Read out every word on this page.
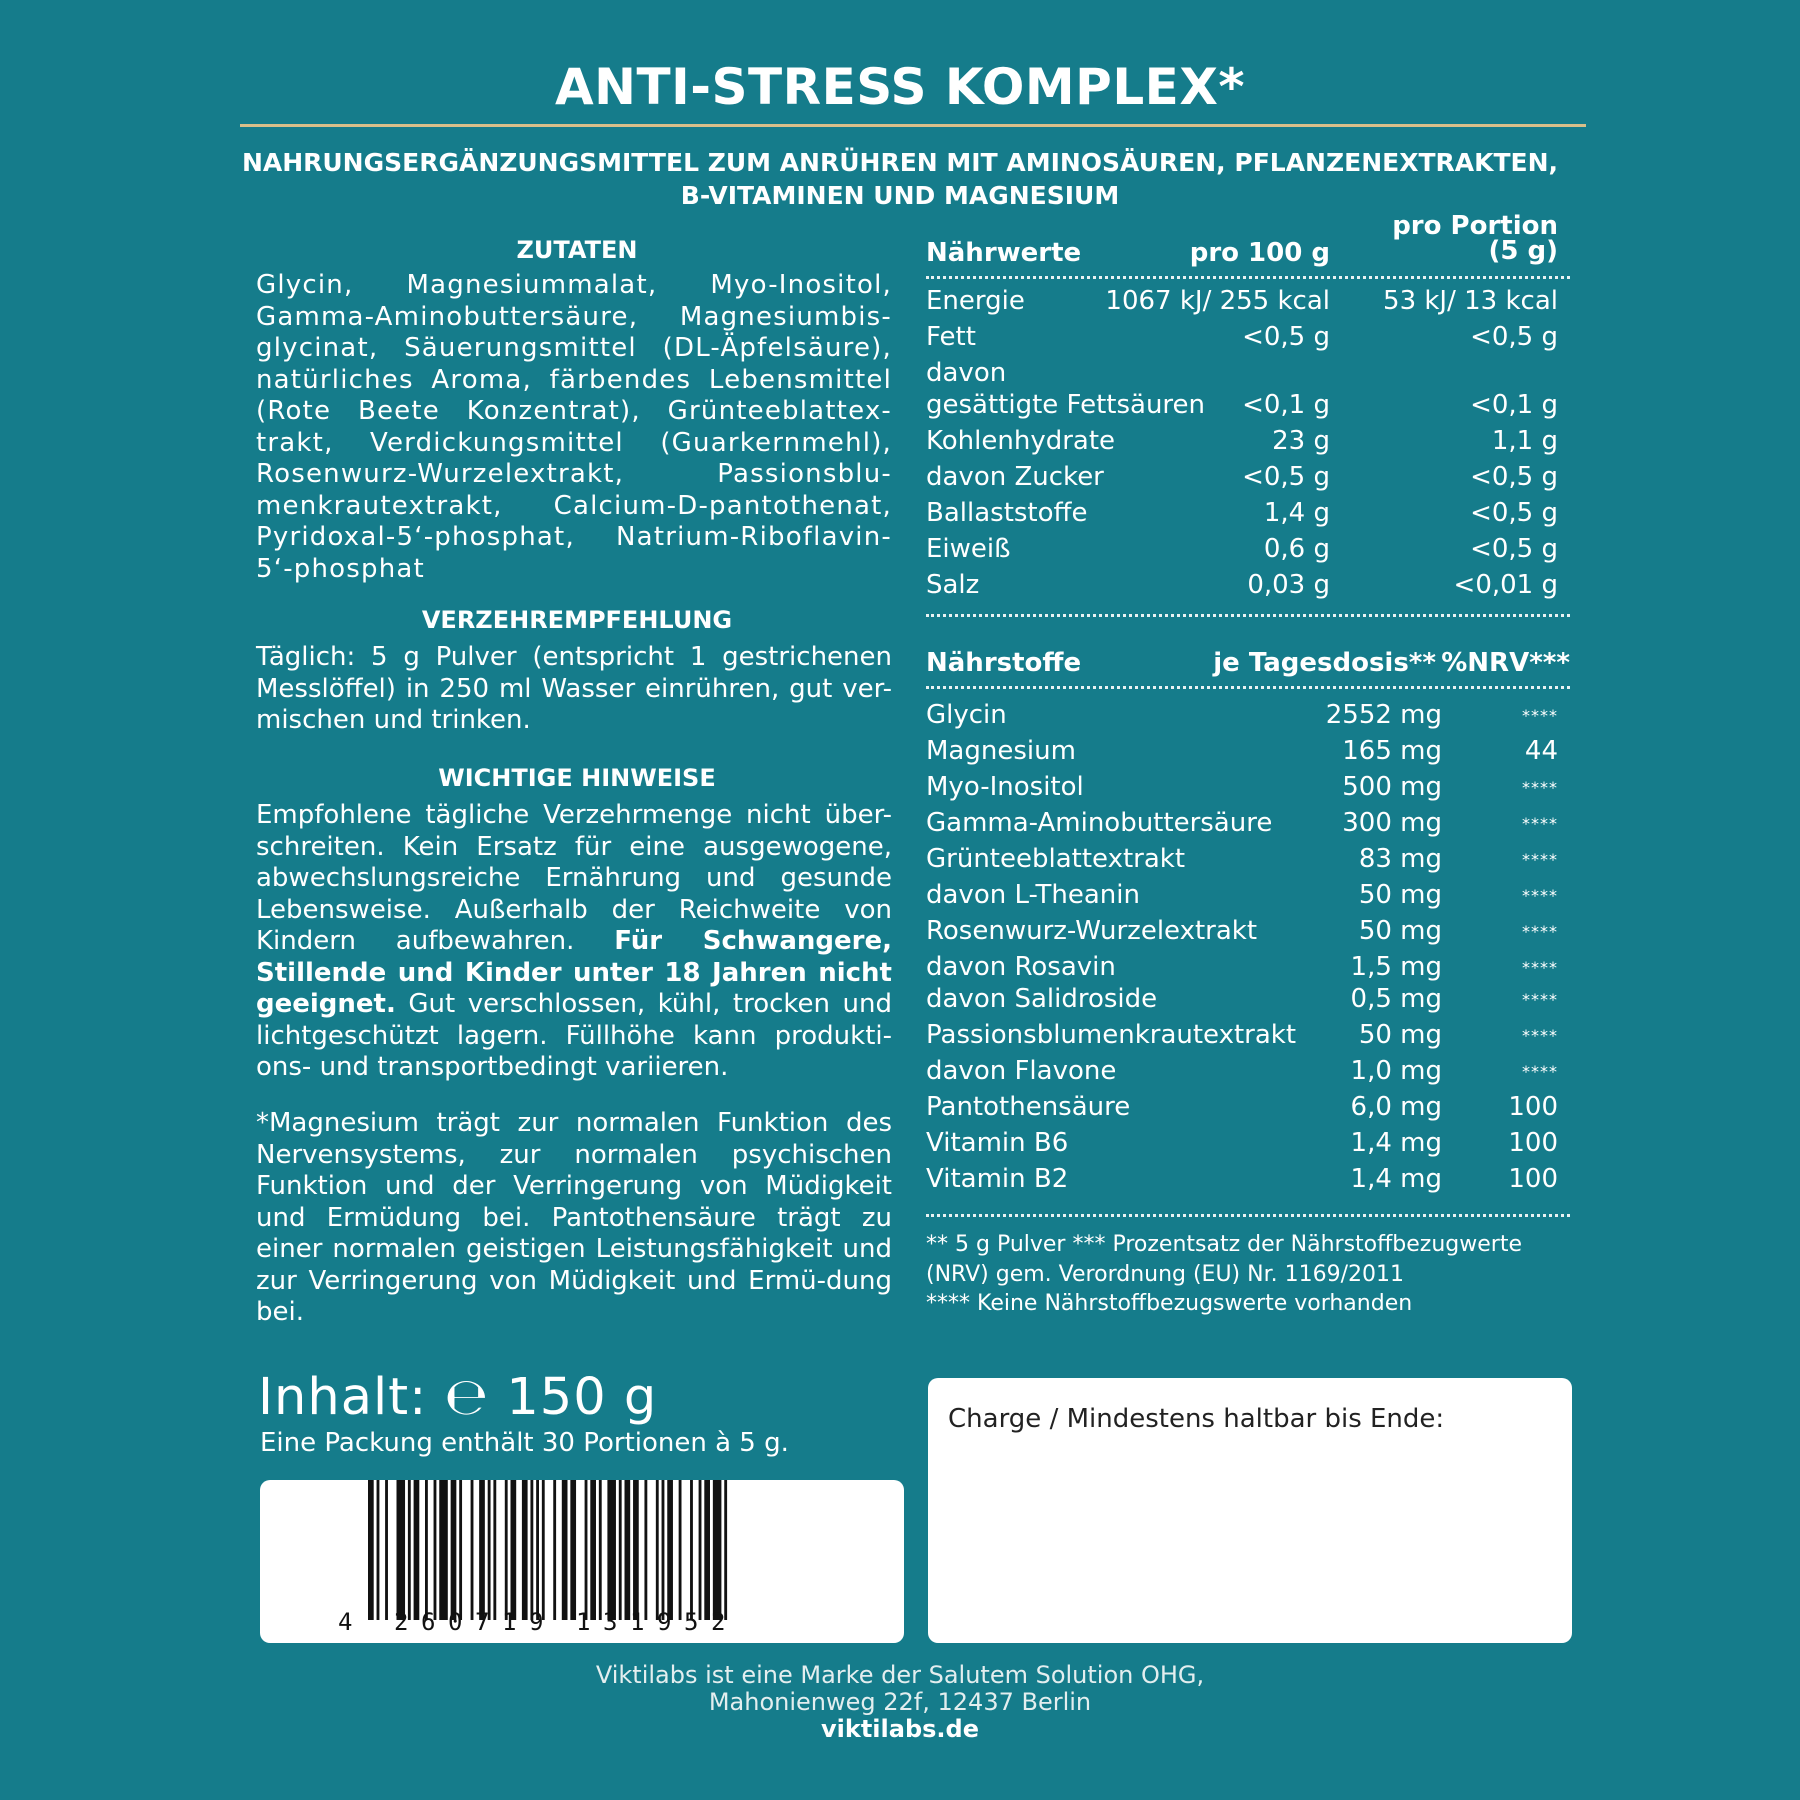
ANTI-STRESS KOMPLEX*
NAHRUNGSERGÄNZUNGSMITTEL ZUM ANRÜHREN MIT AMINOSÄUREN, PFLANZENEXTRAKTEN,
B-VITAMINEN UND MAGNESIUM
ZUTATEN
Glycin, Magnesiummalat, Myo-Inositol, Gamma-Aminobuttersäure, Magnesiumbis-glycinat, Säuerungsmittel (DL-Äpfelsäure), natürliches Aroma, färbendes Lebensmittel (Rote Beete Konzentrat), Grünteeblattex-trakt, Verdickungsmittel (Guarkernmehl), Rosenwurz-Wurzelextrakt, Passionsblu-menkrautextrakt, Calcium-D-pantothenat, Pyridoxal-5‘-phosphat, Natrium-Riboflavin-5‘-phosphat
VERZEHREMPFEHLUNG
Täglich: 5 g Pulver (entspricht 1 gestrichenen Messlöffel) in 250 ml Wasser einrühren, gut ver-mischen und trinken.
WICHTIGE HINWEISE
Empfohlene tägliche Verzehrmenge nicht über-schreiten. Kein Ersatz für eine ausgewogene, abwechslungsreiche Ernährung und gesunde Lebensweise. Außerhalb der Reichweite von Kindern aufbewahren. Für Schwangere, Stillende und Kinder unter 18 Jahren nicht geeignet. Gut verschlossen, kühl, trocken und lichtgeschützt lagern. Füllhöhe kann produkti-ons- und transportbedingt variieren.
*Magnesium trägt zur normalen Funktion des Nervensystems, zur normalen psychischen Funktion und der Verringerung von Müdigkeit und Ermüdung bei. Pantothensäure trägt zu einer normalen geistigen Leistungsfähigkeit und zur Verringerung von Müdigkeit und Ermü-dung bei.
Nährwerte	pro 100 g
pro Portion
(5 g)
Energie	1067 kJ/ 255 kcal 53 kJ/ 13 kcal
Fett	<0,5 g	<0,5 g
davon
gesättigte Fettsäuren <0,1 g	<0,1 g
Kohlenhydrate	23 g	1,1 g
davon Zucker	<0,5 g	<0,5 g
Ballaststoffe	1,4 g	<0,5 g
Eiweiß	0,6 g	<0,5 g
Salz	0,03 g	<0,01 g
Nährstoffe	je Tagesdosis** %NRV***
Glycin	2552 mg	****
Magnesium	165 mg	44
Myo-Inositol	500 mg	****
Gamma-Aminobuttersäure	300 mg	****
Grünteeblattextrakt	83 mg	****
davon L-Theanin	50 mg	****
Rosenwurz-Wurzelextrakt	50 mg	****
davon Rosavin	1,5 mg	****
davon Salidroside	0,5 mg	****
Passionsblumenkrautextrakt 50 mg	****
davon Flavone	1,0 mg	****
Pantothensäure	6,0 mg	100
Vitamin B6	1,4 mg	100
Vitamin B2	1,4 mg	100
** 5 g Pulver *** Prozentsatz der Nährstoffbezugwerte
(NRV) gem. Verordnung (EU) Nr. 1169/2011
**** Keine Nährstoffbezugswerte vorhanden
Inhalt: ℮ 150 g
Eine Packung enthält 30 Portionen à 5 g.
4 2 6 0 7 1 9 1 3 1 9 5 2
Charge / Mindestens haltbar bis Ende:
Viktilabs ist eine Marke der Salutem Solution OHG,
Mahonienweg 22f, 12437 Berlin
viktilabs.de
